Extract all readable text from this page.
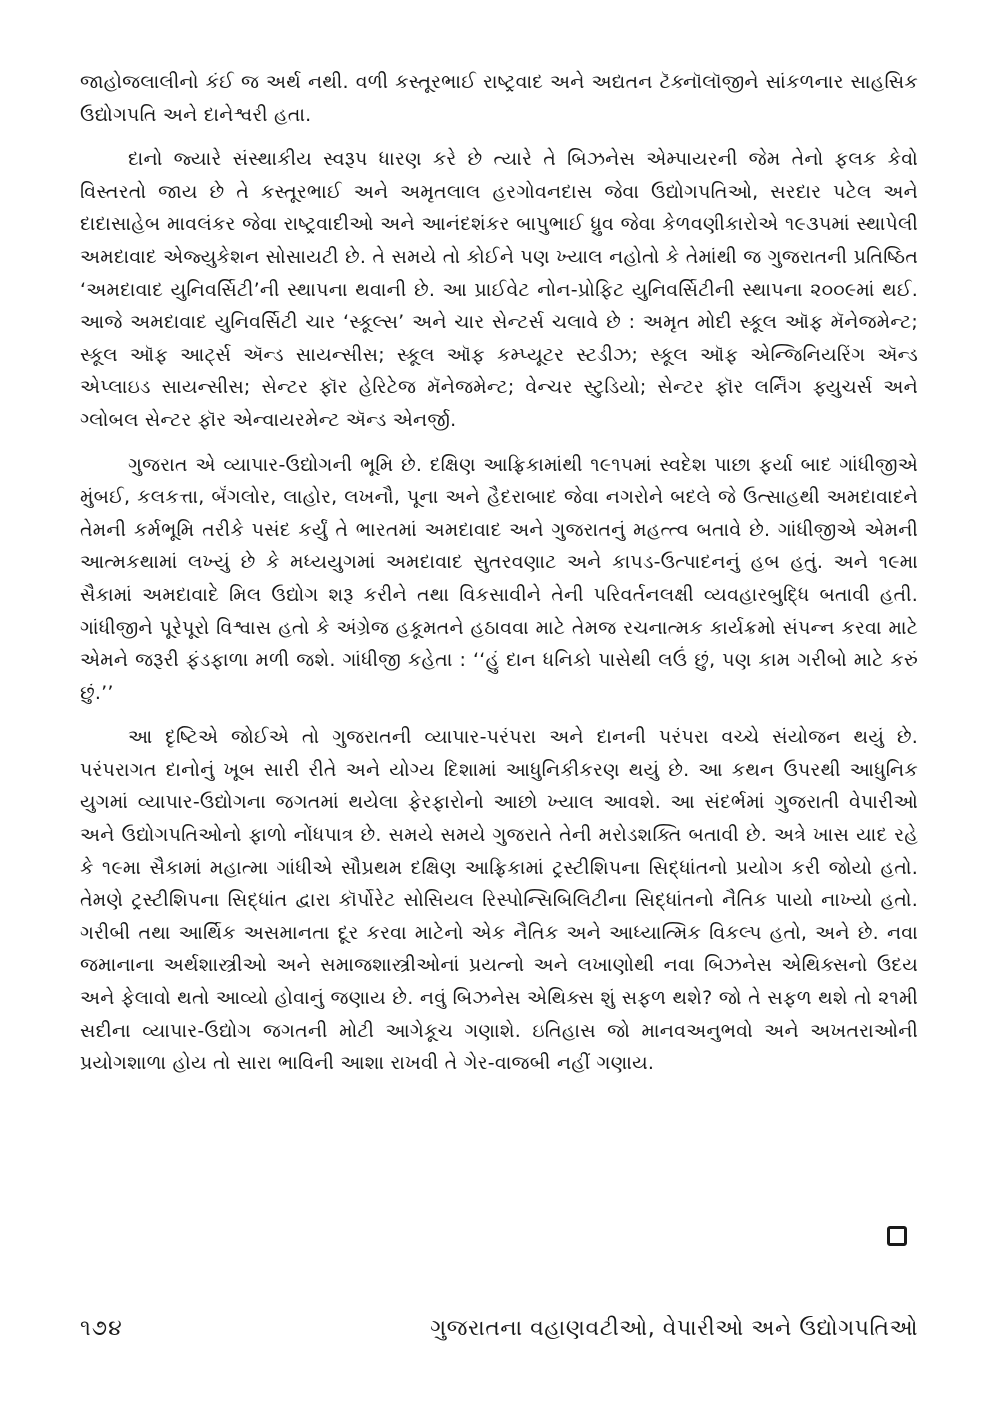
જાહોજલાલીનો કંઈ જ અર્થ નથી. વળી કસ્તૂરભાઈ રાષ્ટ્રવાદ અને અદ્યતન ટૅક્નૉલૉજીને સાંકળનાર સાહસિક ઉદ્યોગપતિ અને દાનેશ્વરી હતા.

દાનો જ્યારે સંસ્થાકીય સ્વરૂપ ધારણ કરે છે ત્યારે તે બિઝનેસ એમ્પાયરની જેમ તેનો ફલક કેવો વિસ્તરતો જાય છે તે કસ્તૂરભાઈ અને અમૃતલાલ હરગોવનદાસ જેવા ઉદ્યોગપતિઓ, સરદાર પટેલ અને દાદાસાહેબ માવલંકર જેવા રાષ્ટ્રવાદીઓ અને આનંદશંકર બાપુભાઈ ધ્રુવ જેવા કેળવણીકારોએ ૧૯૩૫માં સ્થાપેલી અમદાવાદ એજ્યુકેશન સોસાયટી છે. તે સમયે તો કોઈને પણ ખ્યાલ નહોતો કે તેમાંથી જ ગુજરાતની પ્રતિષ્ઠિત ‘અમદાવાદ યુનિવર્સિટી’ની સ્થાપના થવાની છે. આ પ્રાઈવેટ નોન-પ્રોફિટ યુનિવર્સિટીની સ્થાપના ૨૦૦૯માં થઈ. આજે અમદાવાદ યુનિવર્સિટી ચાર ‘સ્કૂલ્સ’ અને ચાર સેન્ટર્સ ચલાવે છે : અમૃત મોદી સ્કૂલ ઑફ મૅનેજમેન્ટ; સ્કૂલ ઑફ આર્ટ્સ ઍન્ડ સાયન્સીસ; સ્કૂલ ઑફ કમ્પ્યૂટર સ્ટડીઝ; સ્કૂલ ઑફ એન્જિનિયરિંગ ઍન્ડ એપ્લાઇડ સાયન્સીસ; સેન્ટર ફૉર હેરિટેજ મૅનેજમેન્ટ; વેન્ચર સ્ટુડિયો; સેન્ટર ફૉર લર્નિંગ ફ્યુચર્સ અને ગ્લોબલ સેન્ટર ફૉર એન્વાયરમેન્ટ ઍન્ડ એનર્જી.

ગુજરાત એ વ્યાપાર-ઉદ્યોગની ભૂમિ છે. દક્ષિણ આફ્રિકામાંથી ૧૯૧૫માં સ્વદેશ પાછા ફર્યા બાદ ગાંધીજીએ મુંબઈ, કલકત્તા, બૅંગલોર, લાહોર, લખનૌ, પૂના અને હૈદરાબાદ જેવા નગરોને બદલે જે ઉત્સાહથી અમદાવાદને તેમની કર્મભૂમિ તરીકે પસંદ કર્યું તે ભારતમાં અમદાવાદ અને ગુજરાતનું મહત્ત્વ બતાવે છે. ગાંધીજીએ એમની આત્મકથામાં લખ્યું છે કે મધ્યયુગમાં અમદાવાદ સુતરવણાટ અને કાપડ-ઉત્પાદનનું હબ હતું. અને ૧૯મા સૈકામાં અમદાવાદે મિલ ઉદ્યોગ શરૂ કરીને તથા વિકસાવીને તેની પરિવર્તનલક્ષી વ્યવહારબુદ્ધિ બતાવી હતી. ગાંધીજીને પૂરેપૂરો વિશ્વાસ હતો કે અંગ્રેજ હકૂમતને હઠાવવા માટે તેમજ રચનાત્મક કાર્યક્રમો સંપન્ન કરવા માટે એમને જરૂરી ફંડફાળા મળી જશે. ગાંધીજી કહેતા : ‘‘હું દાન ધનિકો પાસેથી લઉં છું, પણ કામ ગરીબો માટે કરું છું.’’

આ દૃષ્ટિએ જોઈએ તો ગુજરાતની વ્યાપાર-પરંપરા અને દાનની પરંપરા વચ્ચે સંયોજન થયું છે. પરંપરાગત દાનોનું ખૂબ સારી રીતે અને યોગ્ય દિશામાં આધુનિકીકરણ થયું છે. આ કથન ઉપરથી આધુનિક યુગમાં વ્યાપાર-ઉદ્યોગના જગતમાં થયેલા ફેરફારોનો આછો ખ્યાલ આવશે. આ સંદર્ભમાં ગુજરાતી વેપારીઓ અને ઉદ્યોગપતિઓનો ફાળો નોંધપાત્ર છે. સમયે સમયે ગુજરાતે તેની મરોડશક્તિ બતાવી છે. અત્રે ખાસ યાદ રહે કે ૧૯મા સૈકામાં મહાત્મા ગાંધીએ સૌપ્રથમ દક્ષિણ આફ્રિકામાં ટ્રસ્ટીશિપના સિદ્ધાંતનો પ્રયોગ કરી જોયો હતો. તેમણે ટ્રસ્ટીશિપના સિદ્ધાંત દ્વારા કૉર્પોરેટ સોસિયલ રિસ્પોન્સિબિલિટીના સિદ્ધાંતનો નૈતિક પાયો નાખ્યો હતો. ગરીબી તથા આર્થિક અસમાનતા દૂર કરવા માટેનો એક નૈતિક અને આધ્યાત્મિક વિકલ્પ હતો, અને છે. નવા જમાનાના અર્થશાસ્ત્રીઓ અને સમાજશાસ્ત્રીઓનાં પ્રયત્નો અને લખાણોથી નવા બિઝનેસ એથિક્સનો ઉદય અને ફેલાવો થતો આવ્યો હોવાનું જણાય છે. નવું બિઝનેસ એથિક્સ શું સફળ થશે? જો તે સફળ થશે તો ૨૧મી સદીના વ્યાપાર-ઉદ્યોગ જગતની મોટી આગેકૂચ ગણાશે. ઇતિહાસ જો માનવઅનુભવો અને અખતરાઓની પ્રયોગશાળા હોય તો સારા ભાવિની આશા રાખવી તે ગેર-વાજબી નહીં ગણાય.

૧૭૪	ગુજરાતના વહાણવટીઓ, વેપારીઓ અને ઉદ્યોગપતિઓ
